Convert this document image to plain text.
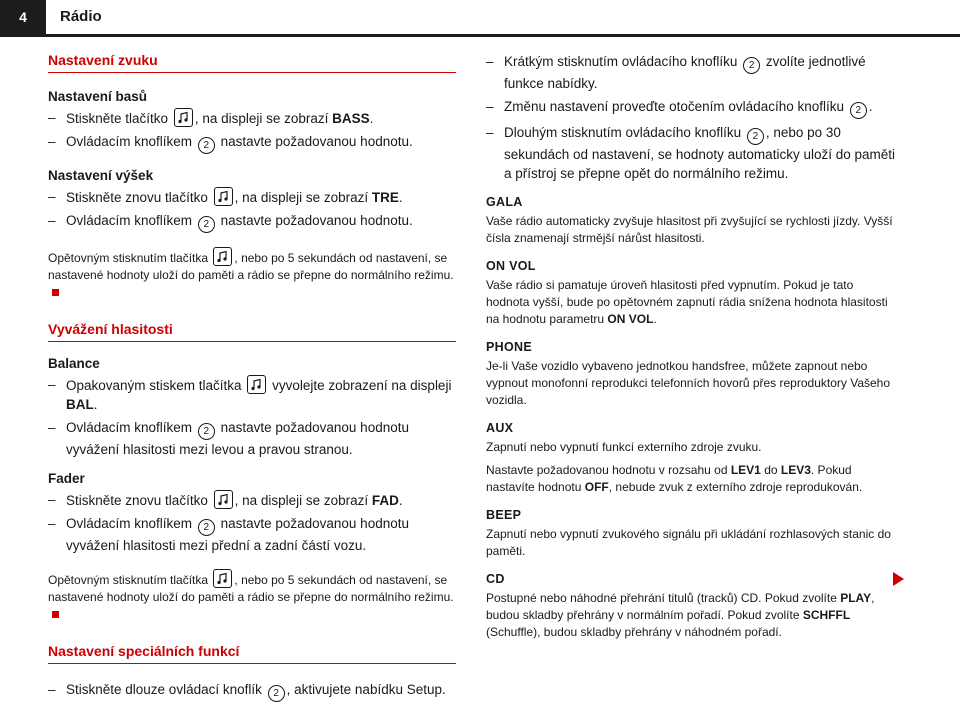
4	Rádio

Nastavení zvuku

Nastavení basů

– Stiskněte tlačítko , na displeji se zobrazí BASS.
– Ovládacím knoflíkem 2 nastavte požadovanou hodnotu.

Nastavení výšek

– Stiskněte znovu tlačítko , na displeji se zobrazí TRE.
– Ovládacím knoflíkem 2 nastavte požadovanou hodnotu.

Opětovným stisknutím tlačítka , nebo po 5 sekundách od nastavení, se nastavené hodnoty uloží do paměti a rádio se přepne do normálního režimu.

Vyvážení hlasitosti

Balance

– Opakovaným stiskem tlačítka vyvolejte zobrazení na displeji BAL.
– Ovládacím knoflíkem 2 nastavte požadovanou hodnotu vyvážení hlasitosti mezi levou a pravou stranou.

Fader

– Stiskněte znovu tlačítko , na displeji se zobrazí FAD.
– Ovládacím knoflíkem 2 nastavte požadovanou hodnotu vyvážení hlasitosti mezi přední a zadní částí vozu.

Opětovným stisknutím tlačítka , nebo po 5 sekundách od nastavení, se nastavené hodnoty uloží do paměti a rádio se přepne do normálního režimu.

Nastavení speciálních funkcí

– Stiskněte dlouze ovládací knoflík 2 , aktivujete nabídku Setup.
– Krátkým stisknutím ovládacího knoflíku 2 zvolíte jednotlivé funkce nabídky.
– Změnu nastavení proveďte otočením ovládacího knoflíku 2 .
– Dlouhým stisknutím ovládacího knoflíku 2 , nebo po 30 sekundách od nastavení, se hodnoty automaticky uloží do paměti a přístroj se přepne opět do normálního režimu.

GALA

Vaše rádio automaticky zvyšuje hlasitost při zvyšující se rychlosti jízdy. Vyšší čísla znamenají strmější nárůst hlasitosti.

ON VOL

Vaše rádio si pamatuje úroveň hlasitosti před vypnutím. Pokud je tato hodnota vyšší, bude po opětovném zapnutí rádia snížena hodnota hlasitosti na hodnotu parametru ON VOL.

PHONE

Je-li Vaše vozidlo vybaveno jednotkou handsfree, můžete zapnout nebo vypnout monofonní reprodukci telefonních hovorů přes reproduktory Vašeho vozidla.

AUX

Zapnutí nebo vypnutí funkcí externího zdroje zvuku.

Nastavte požadovanou hodnotu v rozsahu od LEV1 do LEV3. Pokud nastavíte hodnotu OFF, nebude zvuk z externího zdroje reprodukován.

BEEP

Zapnutí nebo vypnutí zvukového signálu při ukládání rozhlasových stanic do paměti.

CD

Postupné nebo náhodné přehrání titulů (tracků) CD. Pokud zvolíte PLAY, budou skladby přehrány v normálním pořadí. Pokud zvolíte SCHFFL (Schuffle), budou skladby přehrány v náhodném pořadí.
